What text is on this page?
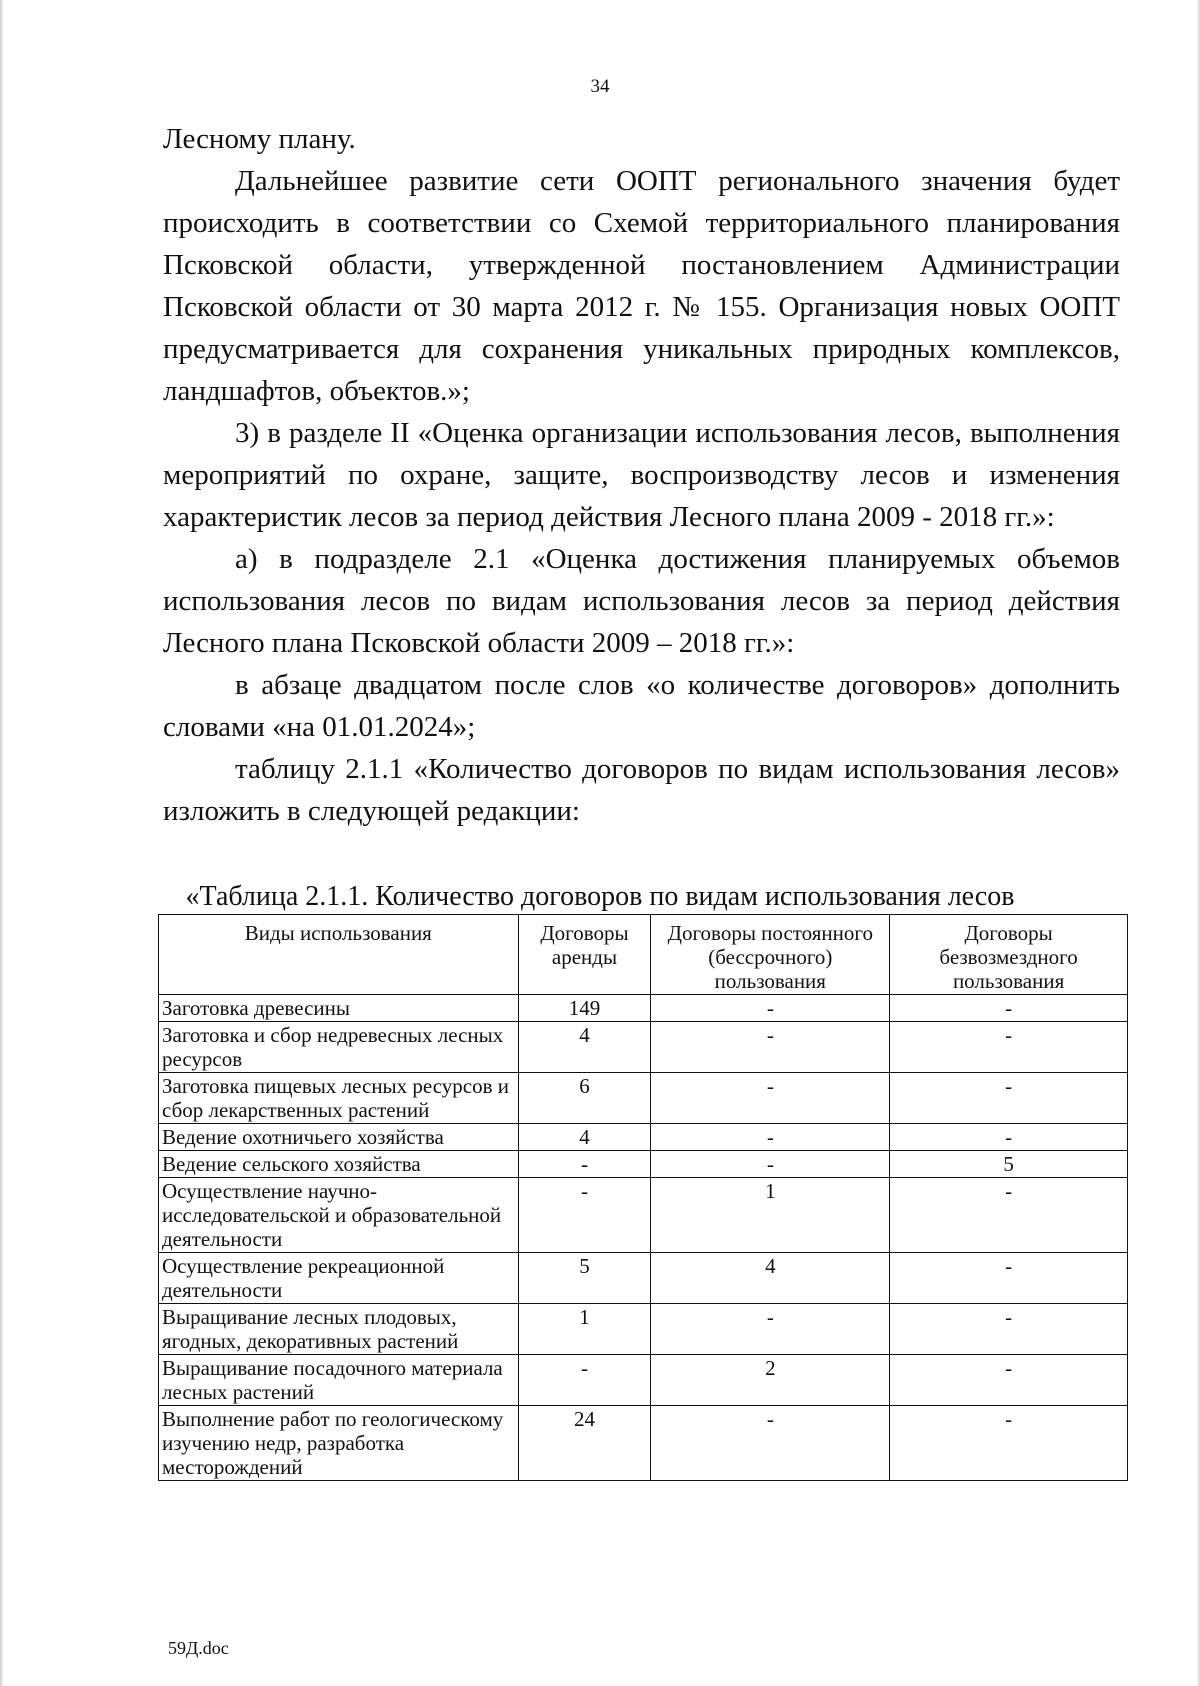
34

Лесному плану.

Дальнейшее развитие сети ООПТ регионального значения будет происходить в соответствии со Схемой территориального планирования Псковской области, утвержденной постановлением Администрации Псковской области от 30 марта 2012 г. № 155. Организация новых ООПТ предусматривается для сохранения уникальных природных комплексов, ландшафтов, объектов.»;

3) в разделе II «Оценка организации использования лесов, выполнения мероприятий по охране, защите, воспроизводству лесов и изменения характеристик лесов за период действия Лесного плана 2009 - 2018 гг.»:

а) в подразделе 2.1 «Оценка достижения планируемых объемов использования лесов по видам использования лесов за период действия Лесного плана Псковской области 2009 – 2018 гг.»:

в абзаце двадцатом после слов «о количестве договоров» дополнить словами «на 01.01.2024»;

таблицу 2.1.1 «Количество договоров по видам использования лесов» изложить в следующей редакции:

«Таблица 2.1.1. Количество договоров по видам использования лесов
Виды использования	Договоры аренды	Договоры постоянного (бессрочного) пользования	Договоры безвозмездного пользования
Заготовка древесины	149	-	-
Заготовка и сбор недревесных лесных ресурсов	4	-	-
Заготовка пищевых лесных ресурсов и сбор лекарственных растений	6	-	-
Ведение охотничьего хозяйства	4	-	-
Ведение сельского хозяйства	-	-	5
Осуществление научно-исследовательской и образовательной деятельности	-	1	-
Осуществление рекреационной деятельности	5	4	-
Выращивание лесных плодовых, ягодных, декоративных растений	1	-	-
Выращивание посадочного материала лесных растений	-	2	-
Выполнение работ по геологическому изучению недр, разработка месторождений	24	-	-
59Д.doc
